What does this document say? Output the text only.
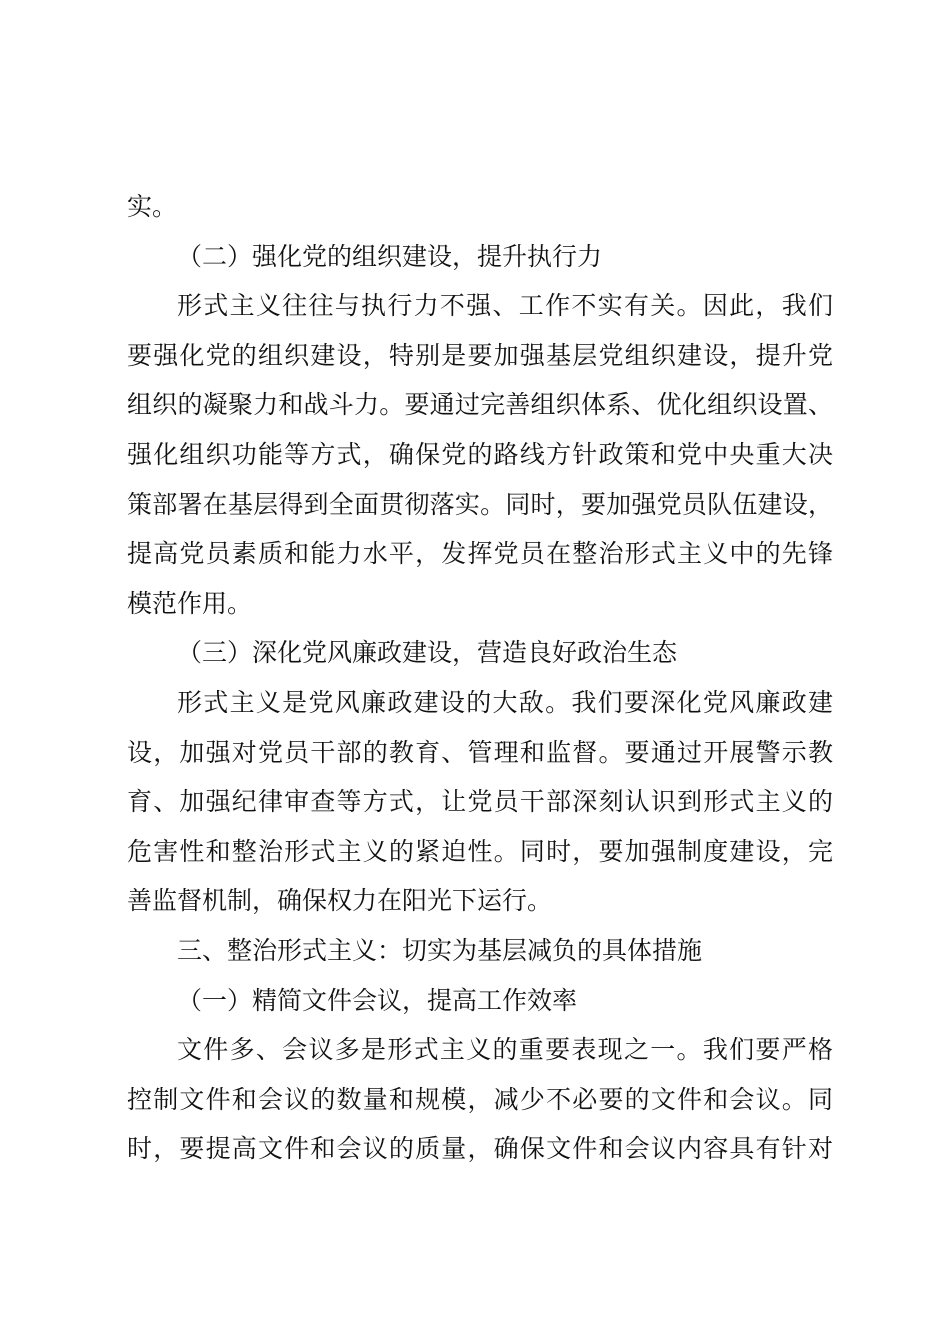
实。
（二）强化党的组织建设，提升执行力
形式主义往往与执行力不强、工作不实有关。因此，我们
要强化党的组织建设，特别是要加强基层党组织建设，提升党
组织的凝聚力和战斗力。要通过完善组织体系、优化组织设置、
强化组织功能等方式，确保党的路线方针政策和党中央重大决
策部署在基层得到全面贯彻落实。同时，要加强党员队伍建设，
提高党员素质和能力水平，发挥党员在整治形式主义中的先锋
模范作用。
（三）深化党风廉政建设，营造良好政治生态
形式主义是党风廉政建设的大敌。我们要深化党风廉政建
设，加强对党员干部的教育、管理和监督。要通过开展警示教
育、加强纪律审查等方式，让党员干部深刻认识到形式主义的
危害性和整治形式主义的紧迫性。同时，要加强制度建设，完
善监督机制，确保权力在阳光下运行。
三、整治形式主义：切实为基层减负的具体措施
（一）精简文件会议，提高工作效率
文件多、会议多是形式主义的重要表现之一。我们要严格
控制文件和会议的数量和规模，减少不必要的文件和会议。同
时，要提高文件和会议的质量，确保文件和会议内容具有针对
